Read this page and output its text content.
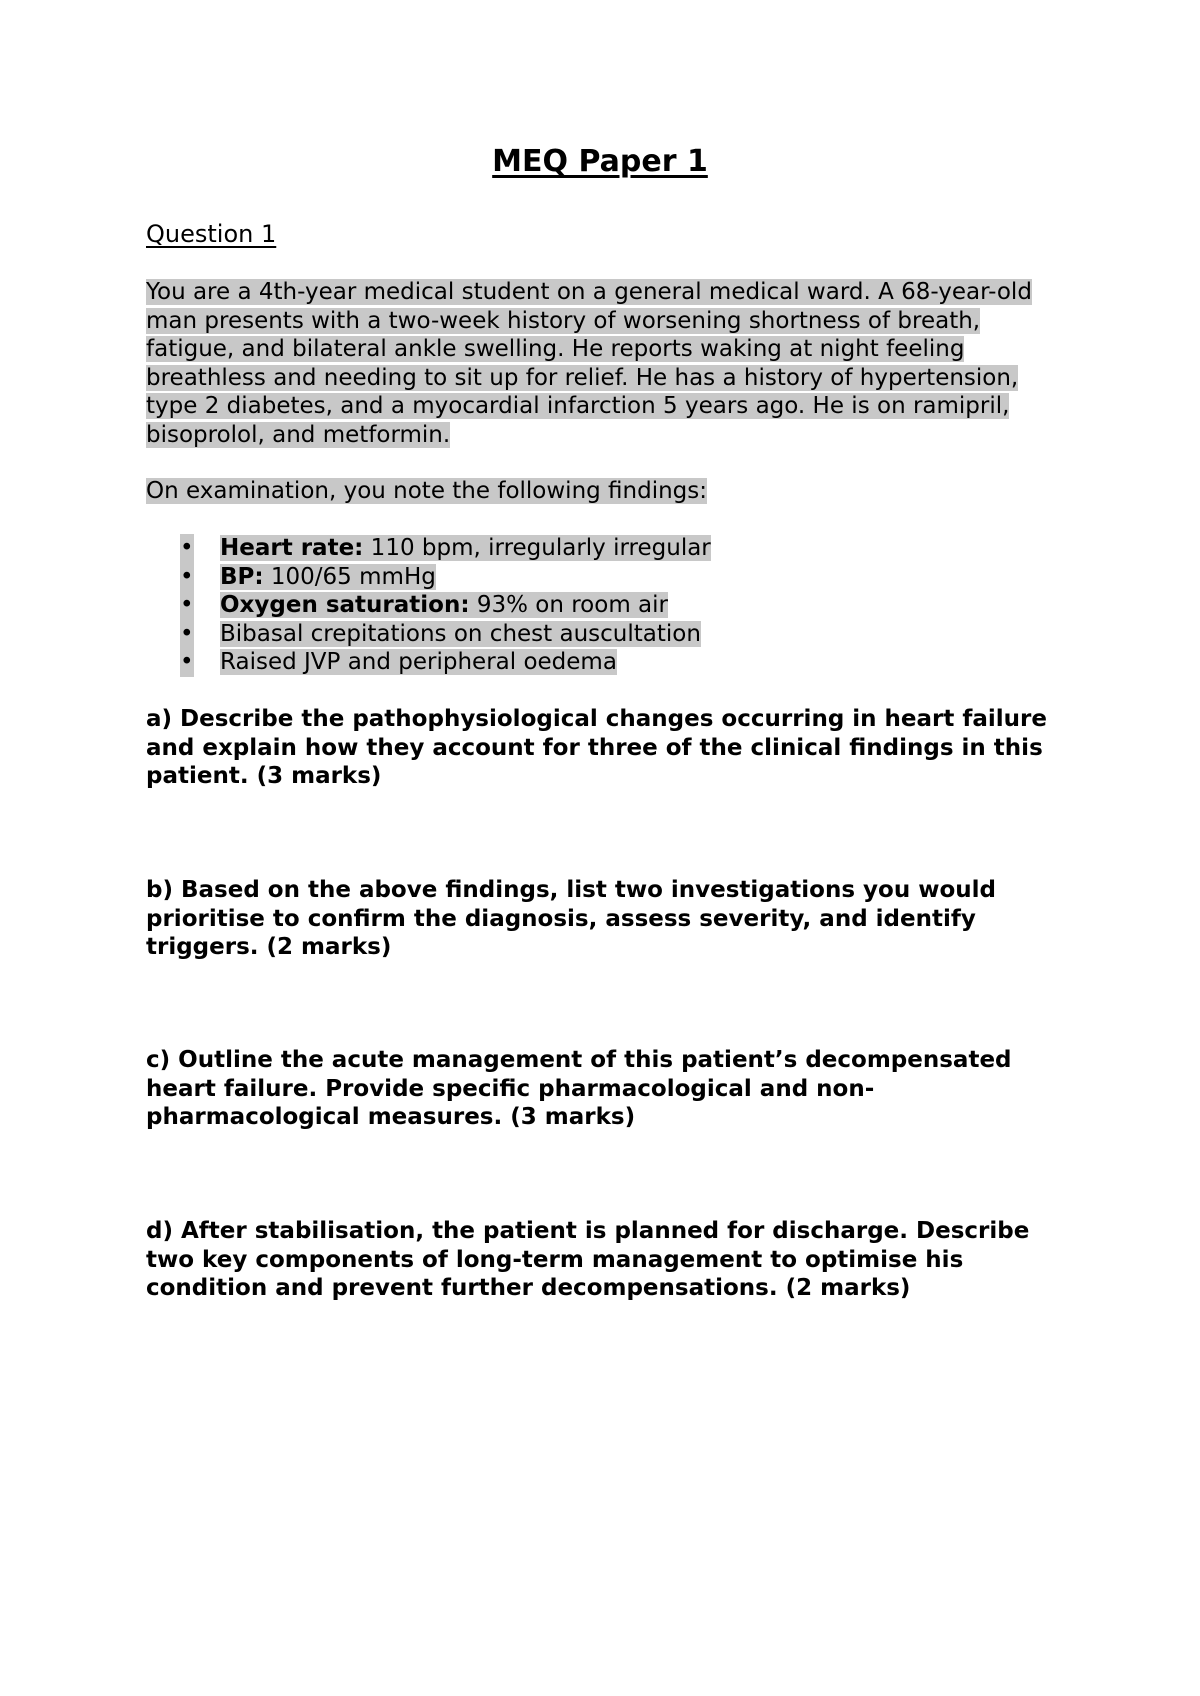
MEQ Paper 1
Question 1

You are a 4th-year medical student on a general medical ward. A 68-year-old man presents with a two-week history of worsening shortness of breath, fatigue, and bilateral ankle swelling. He reports waking at night feeling breathless and needing to sit up for relief. He has a history of hypertension, type 2 diabetes, and a myocardial infarction 5 years ago. He is on ramipril, bisoprolol, and metformin.

On examination, you note the following findings:

• Heart rate: 110 bpm, irregularly irregular
• BP: 100/65 mmHg
• Oxygen saturation: 93% on room air
• Bibasal crepitations on chest auscultation
• Raised JVP and peripheral oedema

a) Describe the pathophysiological changes occurring in heart failure and explain how they account for three of the clinical findings in this patient. (3 marks)

b) Based on the above findings, list two investigations you would prioritise to confirm the diagnosis, assess severity, and identify triggers. (2 marks)

c) Outline the acute management of this patient’s decompensated heart failure. Provide specific pharmacological and non-pharmacological measures. (3 marks)

d) After stabilisation, the patient is planned for discharge. Describe two key components of long-term management to optimise his condition and prevent further decompensations. (2 marks)
